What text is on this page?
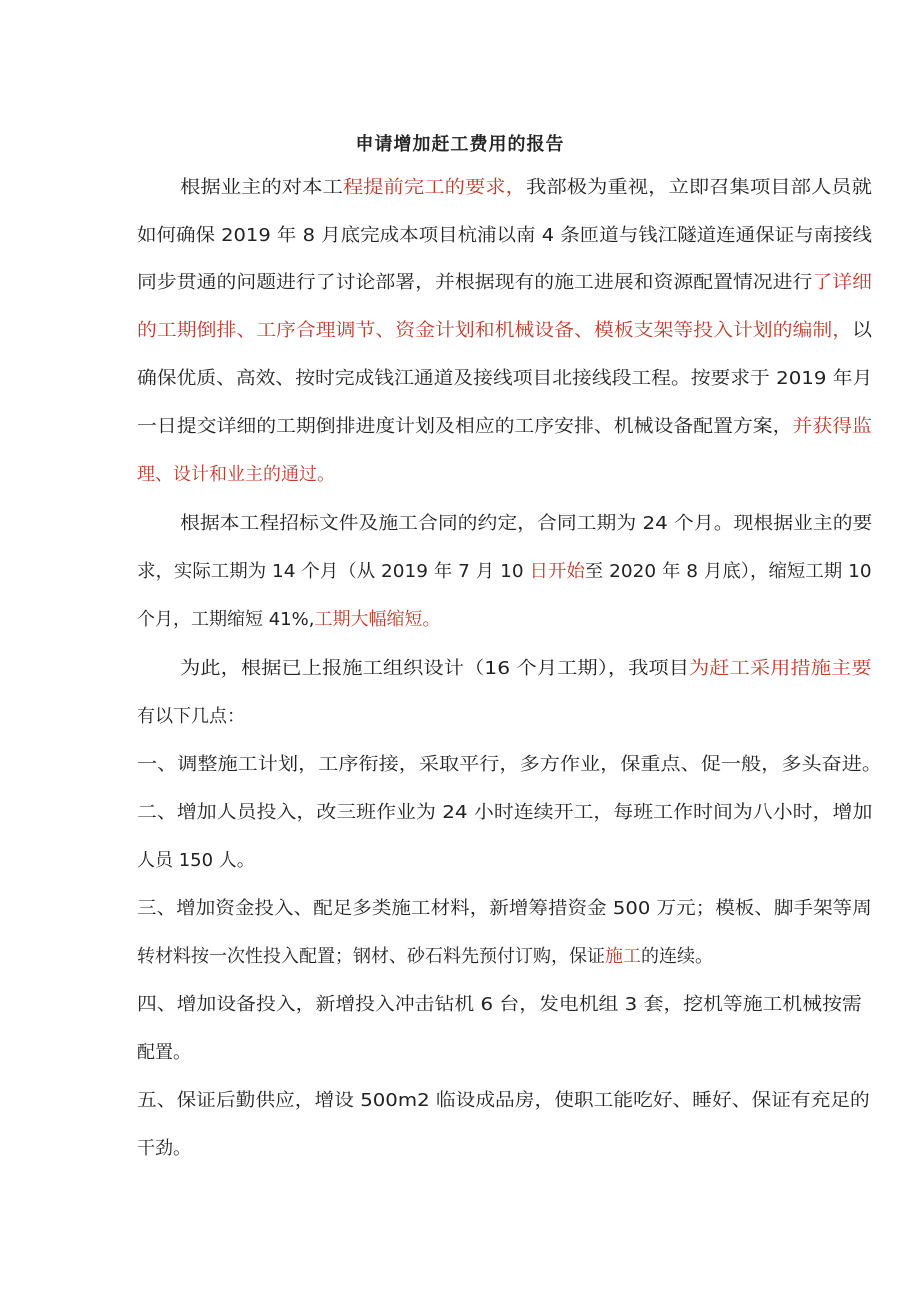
申请增加赶工费用的报告
根据业主的对本工程提前完工的要求，我部极为重视，立即召集项目部人员就
如何确保 2019 年 8 月底完成本项目杭浦以南 4 条匝道与钱江隧道连通保证与南接线
同步贯通的问题进行了讨论部署，并根据现有的施工进展和资源配置情况进行了详细
的工期倒排、工序合理调节、资金计划和机械设备、模板支架等投入计划的编制，以
确保优质、高效、按时完成钱江通道及接线项目北接线段工程。按要求于 2019 年月
一日提交详细的工期倒排进度计划及相应的工序安排、机械设备配置方案，并获得监
理、设计和业主的通过。
根据本工程招标文件及施工合同的约定，合同工期为 24 个月。现根据业主的要
求，实际工期为 14 个月（从 2019 年 7 月 10 日开始至 2020 年 8 月底），缩短工期 10
个月，工期缩短 41%,工期大幅缩短。
为此，根据已上报施工组织设计（16 个月工期），我项目为赶工采用措施主要
有以下几点：
一、调整施工计划，工序衔接，采取平行，多方作业，保重点、促一般，多头奋进。
二、增加人员投入，改三班作业为 24 小时连续开工，每班工作时间为八小时，增加
人员 150 人。
三、增加资金投入、配足多类施工材料，新增筹措资金 500 万元；模板、脚手架等周
转材料按一次性投入配置；钢材、砂石料先预付订购，保证施工的连续。
四、增加设备投入，新增投入冲击钻机 6 台，发电机组 3 套，挖机等施工机械按需
配置。
五、保证后勤供应，增设 500m2 临设成品房，使职工能吃好、睡好、保证有充足的
干劲。
